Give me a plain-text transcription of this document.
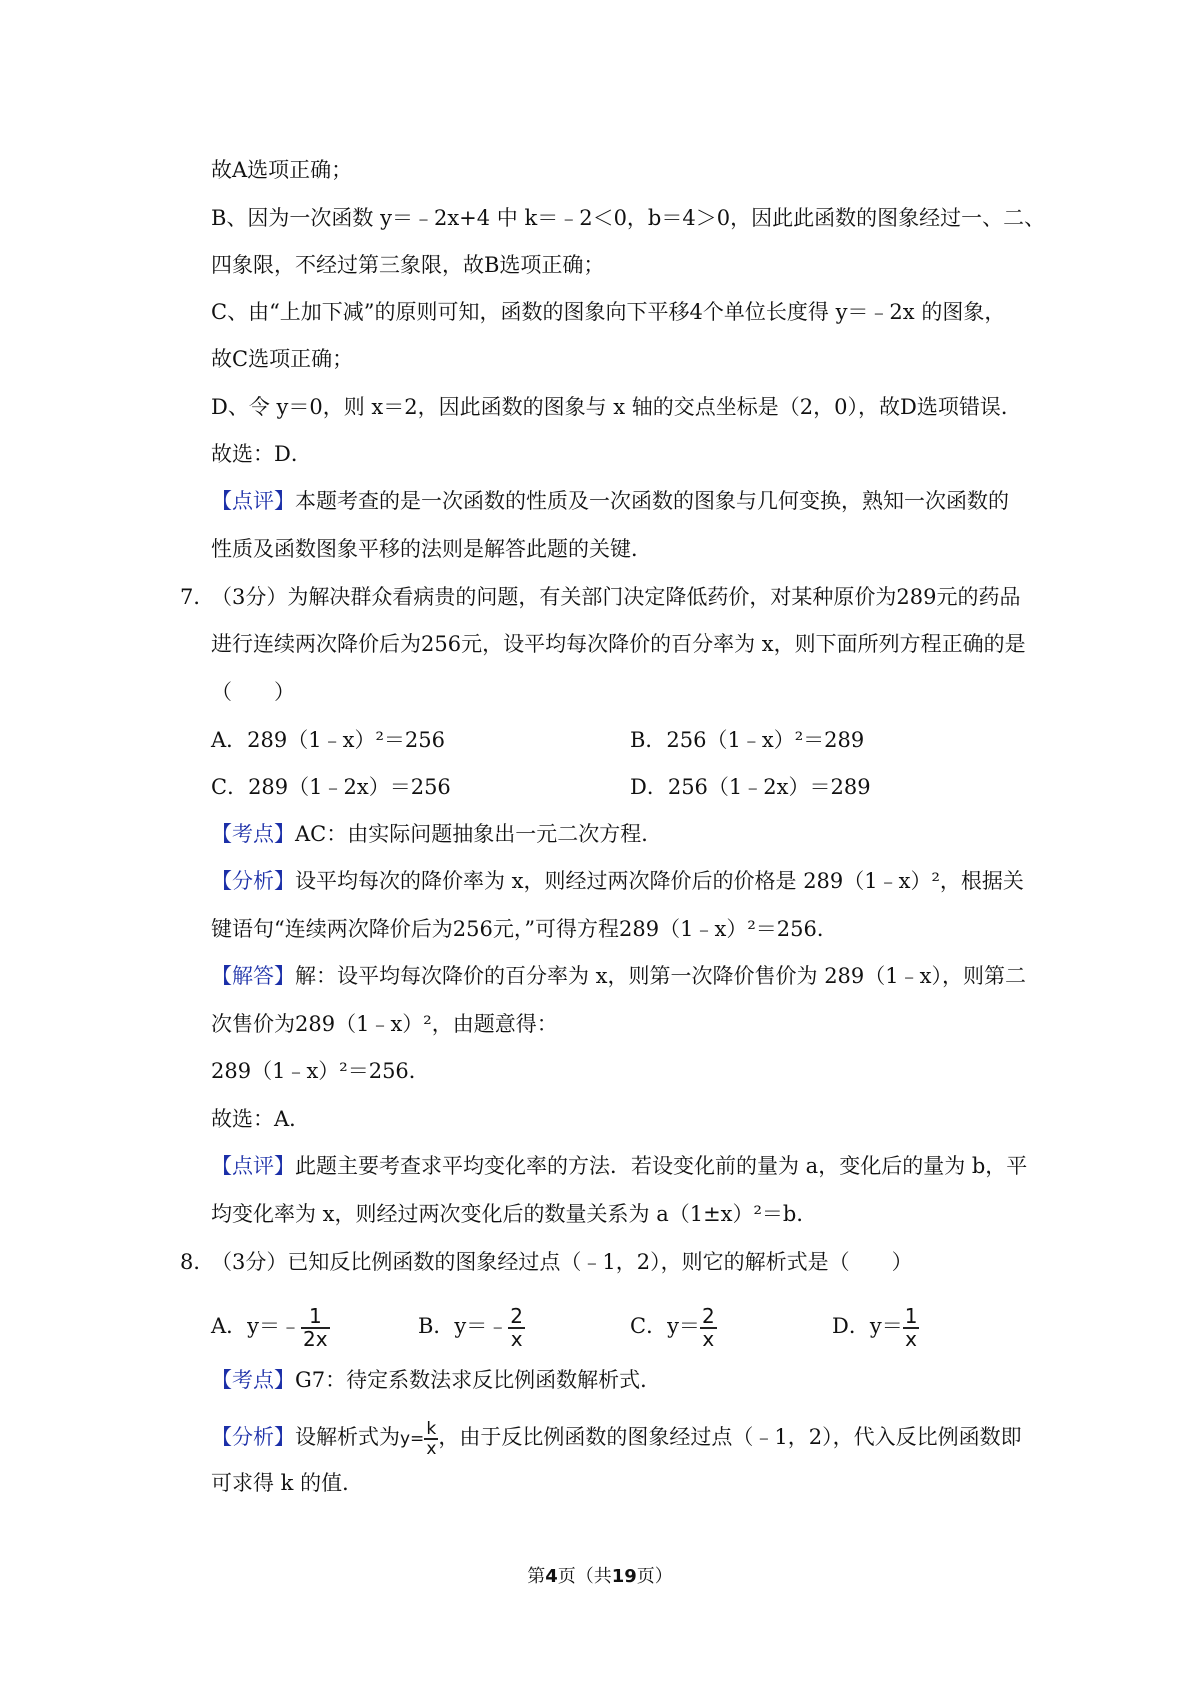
故A选项正确；
B、因为一次函数 y＝﹣2x+4 中 k＝﹣2＜0，b＝4＞0，因此此函数的图象经过一、二、
四象限，不经过第三象限，故B选项正确；
C、由“上加下减”的原则可知，函数的图象向下平移4个单位长度得 y＝﹣2x 的图象，
故C选项正确；
D、令 y＝0，则 x＝2，因此函数的图象与 x 轴的交点坐标是（2，0），故D选项错误．
故选：D．
【点评】本题考查的是一次函数的性质及一次函数的图象与几何变换，熟知一次函数的
性质及函数图象平移的法则是解答此题的关键．
7．
（3分）为解决群众看病贵的问题，有关部门决定降低药价，对某种原价为289元的药品
进行连续两次降价后为256元，设平均每次降价的百分率为 x，则下面所列方程正确的是
（　　）
A．289（1﹣x）²＝256	B．256（1﹣x）²＝289
C．289（1﹣2x）＝256	D．256（1﹣2x）＝289
【考点】AC：由实际问题抽象出一元二次方程．
【分析】设平均每次的降价率为 x，则经过两次降价后的价格是 289（1﹣x）²，根据关
键语句“连续两次降价后为256元，”可得方程289（1﹣x）²＝256．
【解答】解：设平均每次降价的百分率为 x，则第一次降价售价为 289（1﹣x），则第二
次售价为289（1﹣x）²，由题意得：
289（1﹣x）²＝256．
故选：A．
【点评】此题主要考查求平均变化率的方法．若设变化前的量为 a，变化后的量为 b，平
均变化率为 x，则经过两次变化后的数量关系为 a（1±x）²＝b．
8．
（3分）已知反比例函数的图象经过点（﹣1，2），则它的解析式是（　　）
A．y＝﹣ $\frac{1}{2x}$	B．y＝﹣ $\frac{2}{x}$	C．$y= \frac{2}{x}$	D．$y= \frac{1}{x}$
【考点】G7：待定系数法求反比例函数解析式．
【分析】设解析式为$y= \frac{k}{x}$ ，由于反比例函数的图象经过点（﹣1，2），代入反比例函数即
可求得 k 的值．
第4页（共19页）
